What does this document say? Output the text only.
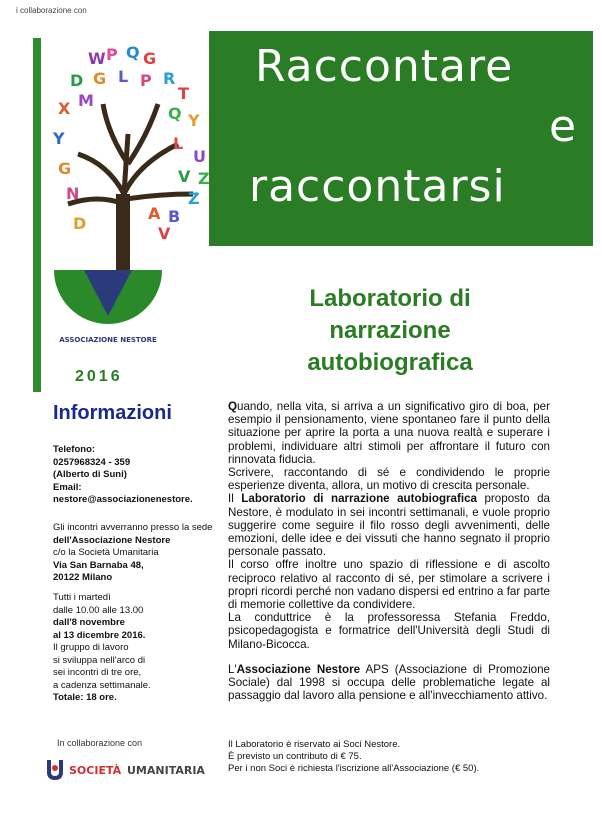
i collaborazione con
Raccontare
e
raccontarsi
W P Q G
D G L P R
T
X M
Q Y
Y	L
U
G	V
N	Z
A B
V
Z
D
ASSOCIAZIONE NESTORE
2016
Laboratorio di
narrazione
autobiografica
Informazioni
Telefono:
0257968324 - 359
(Alberto di Suni)
Email:
nestore@associazionenestore.
Gli incontri avverranno presso la sede
dell'Associazione Nestore
c/o la Società Umanitaria
Via San Barnaba 48,
20122 Milano
Tutti i martedì
dalle 10.00 alle 13.00
dall'8 novembre
al 13 dicembre 2016.
Il gruppo di lavoro
si sviluppa nell'arco di
sei incontri di tre ore,
a cadenza settimanale.
Totale: 18 ore.

Quando, nella vita, si arriva a un significativo giro di boa, per esempio il pensionamento, viene spontaneo fare il punto della situazione per aprire la porta a una nuova realtà e superare i problemi, individuare altri stimoli per affrontare il futuro con rinnovata fiducia.

Scrivere, raccontando di sé e condividendo le proprie esperienze diventa, allora, un motivo di crescita personale.

Il Laboratorio di narrazione autobiografica proposto da Nestore, è modulato in sei incontri settimanali, e vuole proprio suggerire come seguire il filo rosso degli avvenimenti, delle emozioni, delle idee e dei vissuti che hanno segnato il proprio personale passato.

Il corso offre inoltre uno spazio di riflessione e di ascolto reciproco relativo al racconto di sé, per stimolare a scrivere i propri ricordi perché non vadano dispersi ed entrino a far parte di memorie collettive da condividere.

La conduttrice è la professoressa Stefania Freddo, psicopedagogista e formatrice dell'Università degli Studi di Milano-Bicocca.

L'Associazione Nestore APS (Associazione di Promozione Sociale) dal 1998 si occupa delle problematiche legate al passaggio dal lavoro alla pensione e all'invecchiamento attivo.

Il Laboratorio è riservato ai Soci Nestore.
È previsto un contributo di € 75.
Per i non Soci è richiesta l'iscrizione all'Associazione (€ 50).
In collaborazione con
SOCIETÀ UMANITARIA
